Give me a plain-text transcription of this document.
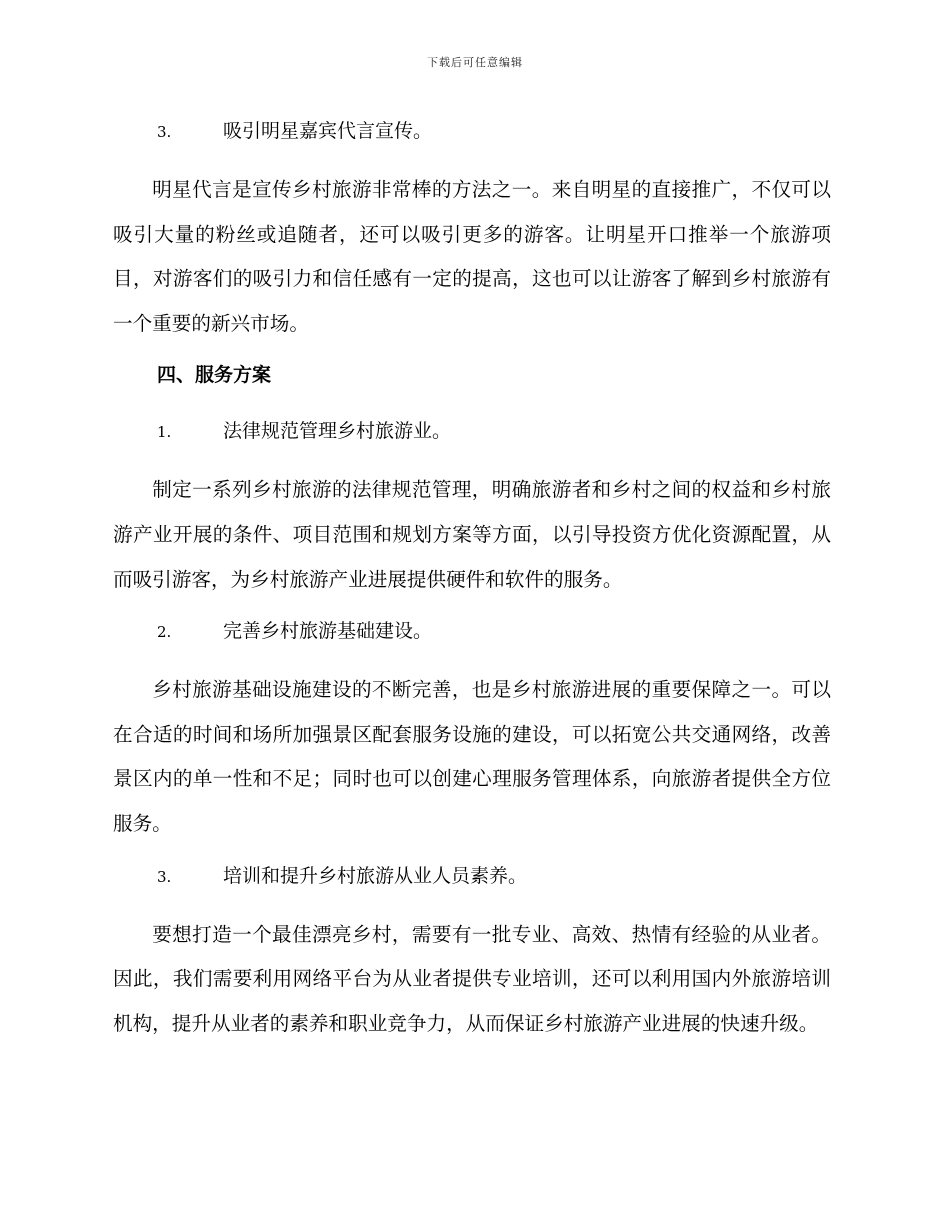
下载后可任意编辑
3.	吸引明星嘉宾代言宣传。

明星代言是宣传乡村旅游非常棒的方法之一。来自明星的直接推广，不仅可以吸引大量的粉丝或追随者，还可以吸引更多的游客。让明星开口推举一个旅游项目，对游客们的吸引力和信任感有一定的提高，这也可以让游客了解到乡村旅游有一个重要的新兴市场。

四、服务方案
1.	法律规范管理乡村旅游业。

制定一系列乡村旅游的法律规范管理，明确旅游者和乡村之间的权益和乡村旅游产业开展的条件、项目范围和规划方案等方面，以引导投资方优化资源配置，从而吸引游客，为乡村旅游产业进展提供硬件和软件的服务。

2.	完善乡村旅游基础建设。

乡村旅游基础设施建设的不断完善，也是乡村旅游进展的重要保障之一。可以在合适的时间和场所加强景区配套服务设施的建设，可以拓宽公共交通网络，改善景区内的单一性和不足；同时也可以创建心理服务管理体系，向旅游者提供全方位服务。

3.	培训和提升乡村旅游从业人员素养。

要想打造一个最佳漂亮乡村，需要有一批专业、高效、热情有经验的从业者。因此，我们需要利用网络平台为从业者提供专业培训，还可以利用国内外旅游培训机构，提升从业者的素养和职业竞争力，从而保证乡村旅游产业进展的快速升级。
